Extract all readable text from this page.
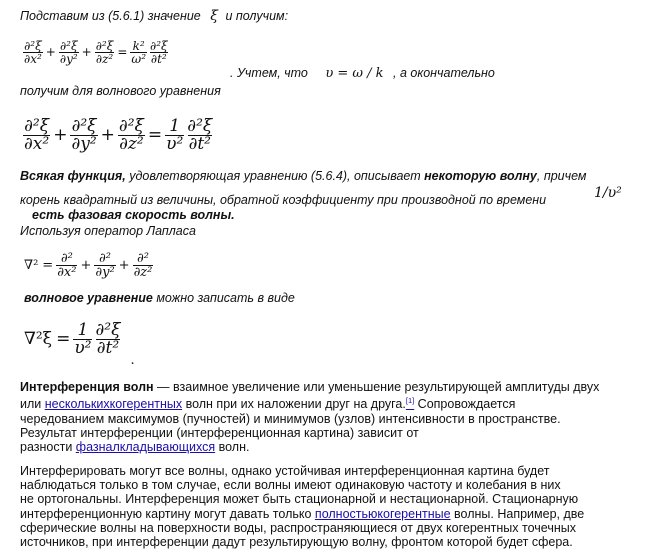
Подставим из (5.6.1) значение ξ и получим:
$\frac{\text{∂²ξ}}{\text{∂x²}} + \frac{\text{∂²ξ}}{\text{∂y²}} + \frac{\text{∂²ξ}}{\text{∂z²}} = \frac{\text{k²}}{\text{ω²}} \frac{\text{∂²ξ}}{\text{∂t²}}$
. Учтем, что υ = ω / k , а окончательно
получим для волнового уравнения
$\frac{\text{∂²ξ}}{\text{∂x²}} + \frac{\text{∂²ξ}}{\text{∂y²}} + \frac{\text{∂²ξ}}{\text{∂z²}} = \frac{1}{\text{υ²}} \frac{\text{∂²ξ}}{\text{∂t²}}$
Всякая функция, удовлетворяющая уравнению (5.6.4), описывает некоторую волну, причем
корень квадратный из величины, обратной коэффициенту при производной по времени	1/υ²
есть фазовая скорость волны.
Используя оператор Лапласа
$\nabla^2 = \frac{\text{∂²}}{\text{∂x²}} + \frac{\text{∂²}}{\text{∂y²}} + \frac{\text{∂²}}{\text{∂z²}}$
волновое уравнение можно записать в виде
$\nabla^2\xi = \frac{1}{\text{υ²}} \frac{\text{∂²ξ}}{\text{∂t²}}$
.
Интерференция волн — взаимное увеличение или уменьшение результирующей амплитуды двух
или несколькихкогерентных волн при их наложении друг на друга.[1] Сопровождается
чередованием максимумов (пучностей) и минимумов (узлов) интенсивности в пространстве.
Результат интерференции (интерференционная картина) зависит от
разности фазналкладывающихся волн.
Интерферировать могут все волны, однако устойчивая интерференционная картина будет
наблюдаться только в том случае, если волны имеют одинаковую частоту и колебания в них
не ортогональны. Интерференция может быть стационарной и нестационарной. Стационарную
интерференционную картину могут давать только полностьюкогерентные волны. Например, две
сферические волны на поверхности воды, распространяющиеся от двух когерентных точечных
источников, при интерференции дадут результирующую волну, фронтом которой будет сфера.
